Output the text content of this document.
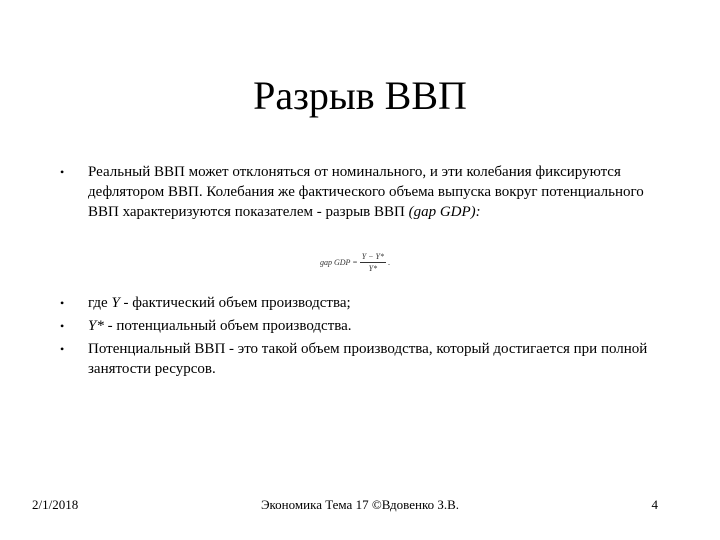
Разрыв ВВП
•	Реальный ВВП может отклоняться от номинального, и эти колебания фиксируются дефлятором ВВП. Колебания же фактического объема выпуска вокруг потенциального ВВП характеризуются показателем - разрыв ВВП (gap GDP):
gap GDP = $\frac{Y - Y*}{Y*}$ .
•	где Y - фактический объем производства;
•	Y* - потенциальный объем производства.
•	Потенциальный ВВП - это такой объем производства, который достигается при полной занятости ресурсов.
2/1/2018	Экономика Тема 17 ©Вдовенко З.В.	4
